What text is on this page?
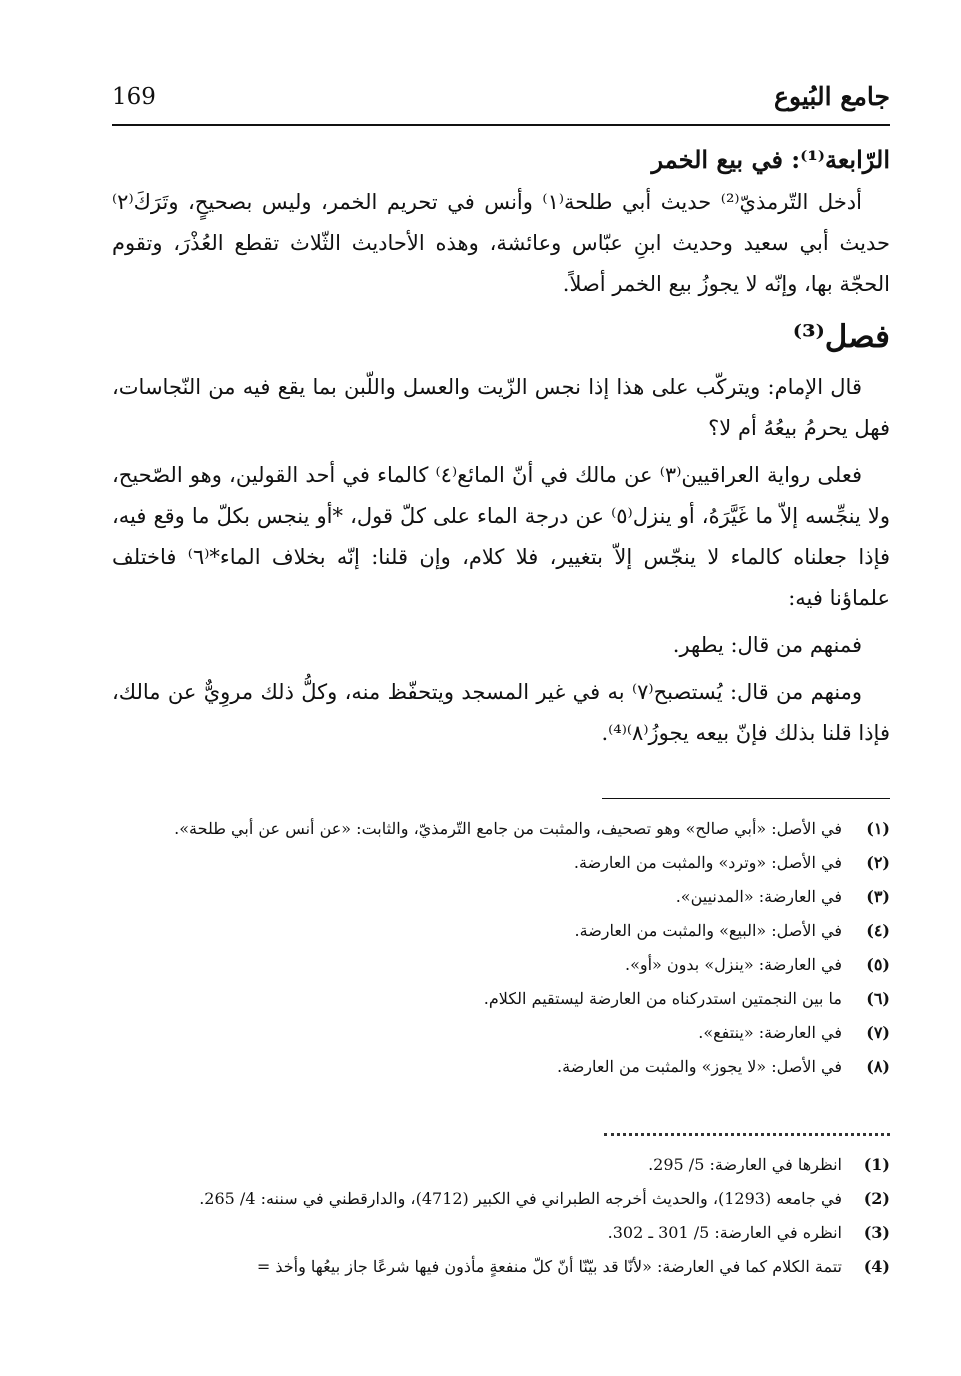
جامع البُيوع
169

الرّابعة⁽¹⁾: في بيع الخمر

أدخل التّرمذيّ⁽²⁾ حديث أبي طلحة⁽١⁾ وأنس في تحريم الخمر، وليس بصحيحٍ، وتَرَكَ⁽٢⁾ حديث أبي سعيد وحديث ابنِ عبّاس وعائشة، وهذه الأحاديث الثّلاث تقطع العُذْرَ، وتقوم الحجّة بها، وإنّه لا يجوزُ بيع الخمر أصلاً.

فصل⁽³⁾

قال الإمام: ويتركّب على هذا إذا نجس الزّيت والعسل واللّبن بما يقع فيه من النّجاسات، فهل يحرمُ بيعُهُ أم لا؟

فعلى رواية العراقيين⁽٣⁾ عن مالك في أنّ المائع⁽٤⁾ كالماء في أحد القولين، وهو الصّحيح، ولا ينجِّسه إلاّ ما غَيَّرَهُ، أو ينزل⁽٥⁾ عن درجة الماء على كلّ قول، *أو ينجس بكلّ ما وقع فيه، فإذا جعلناه كالماء لا ينجّس إلاّ بتغيير، فلا كلام، وإن قلنا: إنّه بخلاف الماء*⁽٦⁾ فاختلف علماؤنا فيه:

فمنهم من قال: يطهر.

ومنهم من قال: يُستصبح⁽٧⁾ به في غير المسجد ويتحفّظ منه، وكلُّ ذلك مروِيٌّ عن مالك، فإذا قلنا بذلك فإنّ بيعه يجوزُ⁽٨⁾⁽⁴⁾.

(١)
في الأصل: «أبي صالح» وهو تصحيف، والمثبت من جامع التّرمذيّ، والثابت: «عن أنس عن أبي طلحة».
(٢)
في الأصل: «وترد» والمثبت من العارضة.
(٣)
في العارضة: «المدنيين».
(٤)
في الأصل: «البيع» والمثبت من العارضة.
(٥)
في العارضة: «ينزل» بدون «أو».
(٦)
ما بين النجمتين استدركناه من العارضة ليستقيم الكلام.
(٧)
في العارضة: «ينتفع».
(٨)
في الأصل: «لا يجوز» والمثبت من العارضة.
(1)
انظرها في العارضة: 5/ 295.
(2)
في جامعه (1293)، والحديث أخرجه الطبراني في الكبير (4712)، والدارقطني في سننه: 4/ 265.
(3)
انظره في العارضة: 5/ 301 ـ 302.
(4)
تتمة الكلام كما في العارضة: «لأنّا قد بيّنّا أنّ كلّ منفعةٍ مأذون فيها شرعًا جاز بيعُها وأخذ =
